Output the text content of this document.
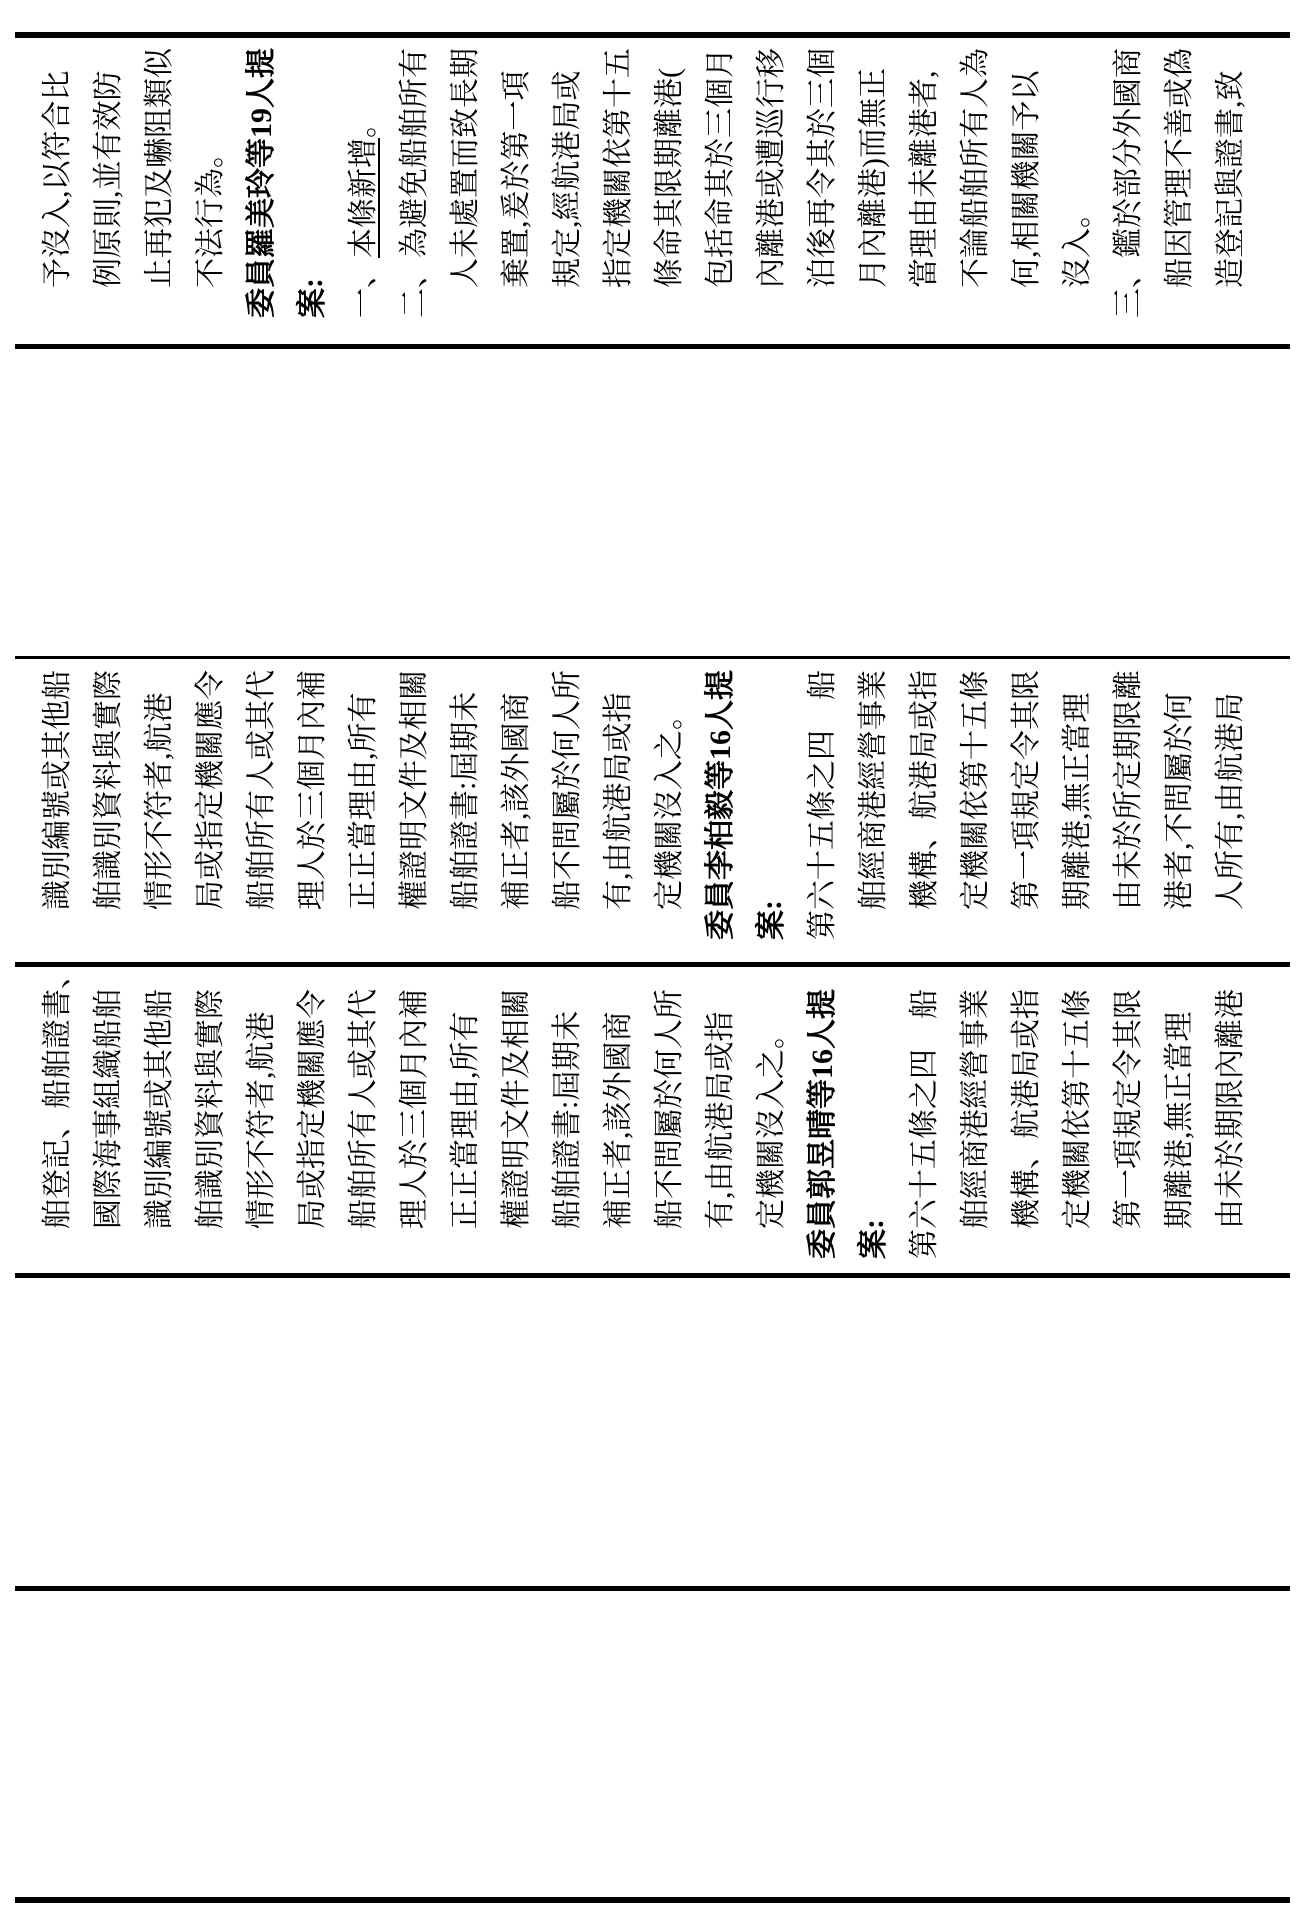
予沒入,以符合比 例原則,並有效防 止再犯及嚇阻類似 不法行為。 委員羅美玲等19人提 案: 一、本條新增。 二、為避免船舶所有 人未處置而致長期 棄置,爰於第一項 規定,經航港局或 指定機關依第十五 條命其限期離港( 包括命其於三個月 內離港或遭巡行移 泊後再令其於三個 月內離港)而無正 當理由未離港者, 不論船舶所有人為 何,相關機關予以 沒入。 三、鑑於部分外國商 船因管理不善或偽 造登記與證書,致
識別編號或其他船 舶識別資料與實際 情形不符者,航港 局或指定機關應令 船舶所有人或其代 理人於三個月內補 正正當理由,所有 權證明文件及相關 船舶證書:屆期未 補正者,該外國商 船不問屬於何人所 有,由航港局或指 定機關沒入之。 委員李柏毅等16人提 案: 第六十五條之四　船 舶經商港經營事業 機構、航港局或指 定機關依第十五條 第一項規定令其限 期離港,無正當理 由未於所定期限離 港者,不問屬於何 人所有,由航港局
舶登記、船舶證書、 國際海事組織船舶 識別編號或其他船 舶識別資料與實際 情形不符者,航港 局或指定機關應令 船舶所有人或其代 理人於三個月內補 正正當理由,所有 權證明文件及相關 船舶證書:屆期未 補正者,該外國商 船不問屬於何人所 有,由航港局或指 定機關沒入之。 委員郭昱晴等16人提 案: 第六十五條之四　船 舶經商港經營事業 機構、航港局或指 定機關依第十五條 第一項規定令其限 期離港,無正當理 由未於期限內離港
